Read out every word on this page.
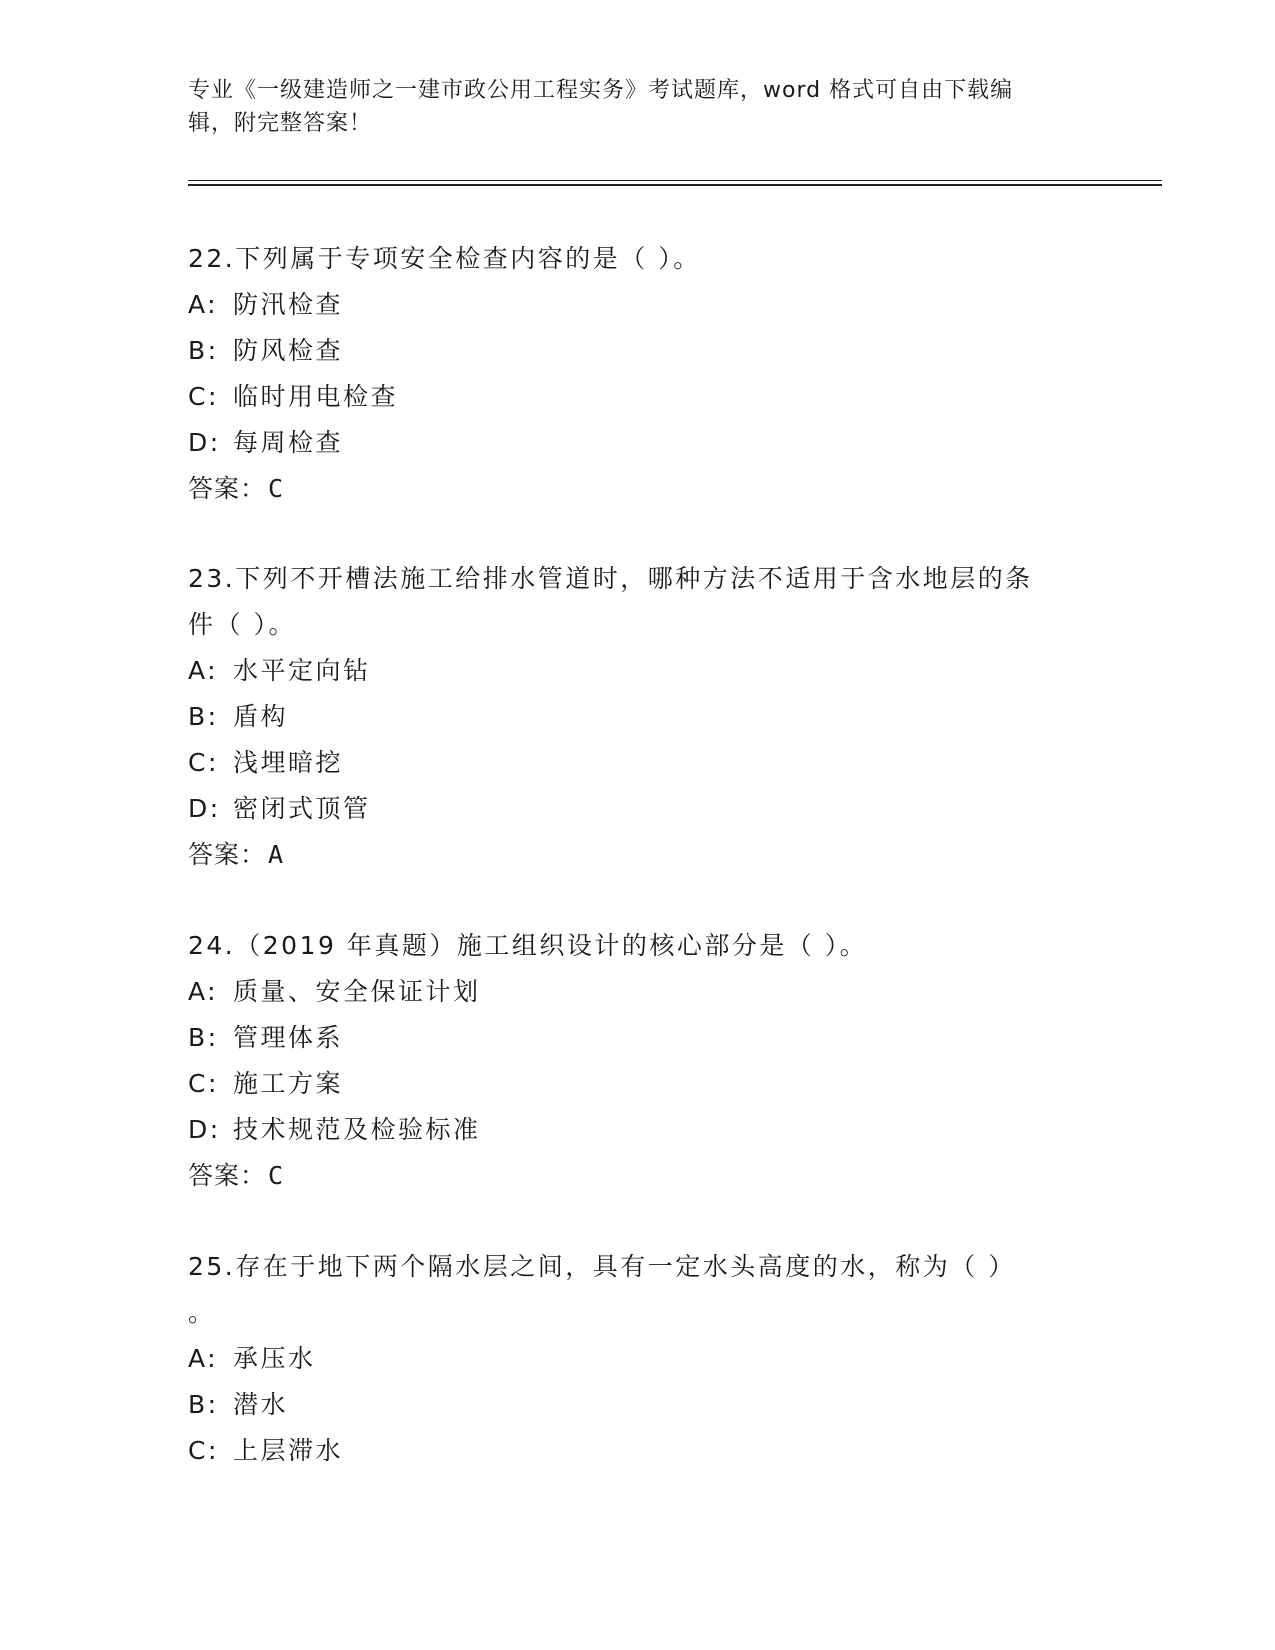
专业《一级建造师之一建市政公用工程实务》考试题库，word 格式可自由下载编
辑，附完整答案！
22.下列属于专项安全检查内容的是（ ）。
A: 防汛检查
B: 防风检查
C: 临时用电检查
D: 每周检查
答案：C
23.下列不开槽法施工给排水管道时，哪种方法不适用于含水地层的条
件（ ）。
A: 水平定向钻
B: 盾构
C: 浅埋暗挖
D: 密闭式顶管
答案：A
24.（2019 年真题）施工组织设计的核心部分是（ ）。
A: 质量、安全保证计划
B: 管理体系
C: 施工方案
D: 技术规范及检验标准
答案：C
25.存在于地下两个隔水层之间，具有一定水头高度的水，称为（ ）
。
A: 承压水
B: 潜水
C: 上层滞水
